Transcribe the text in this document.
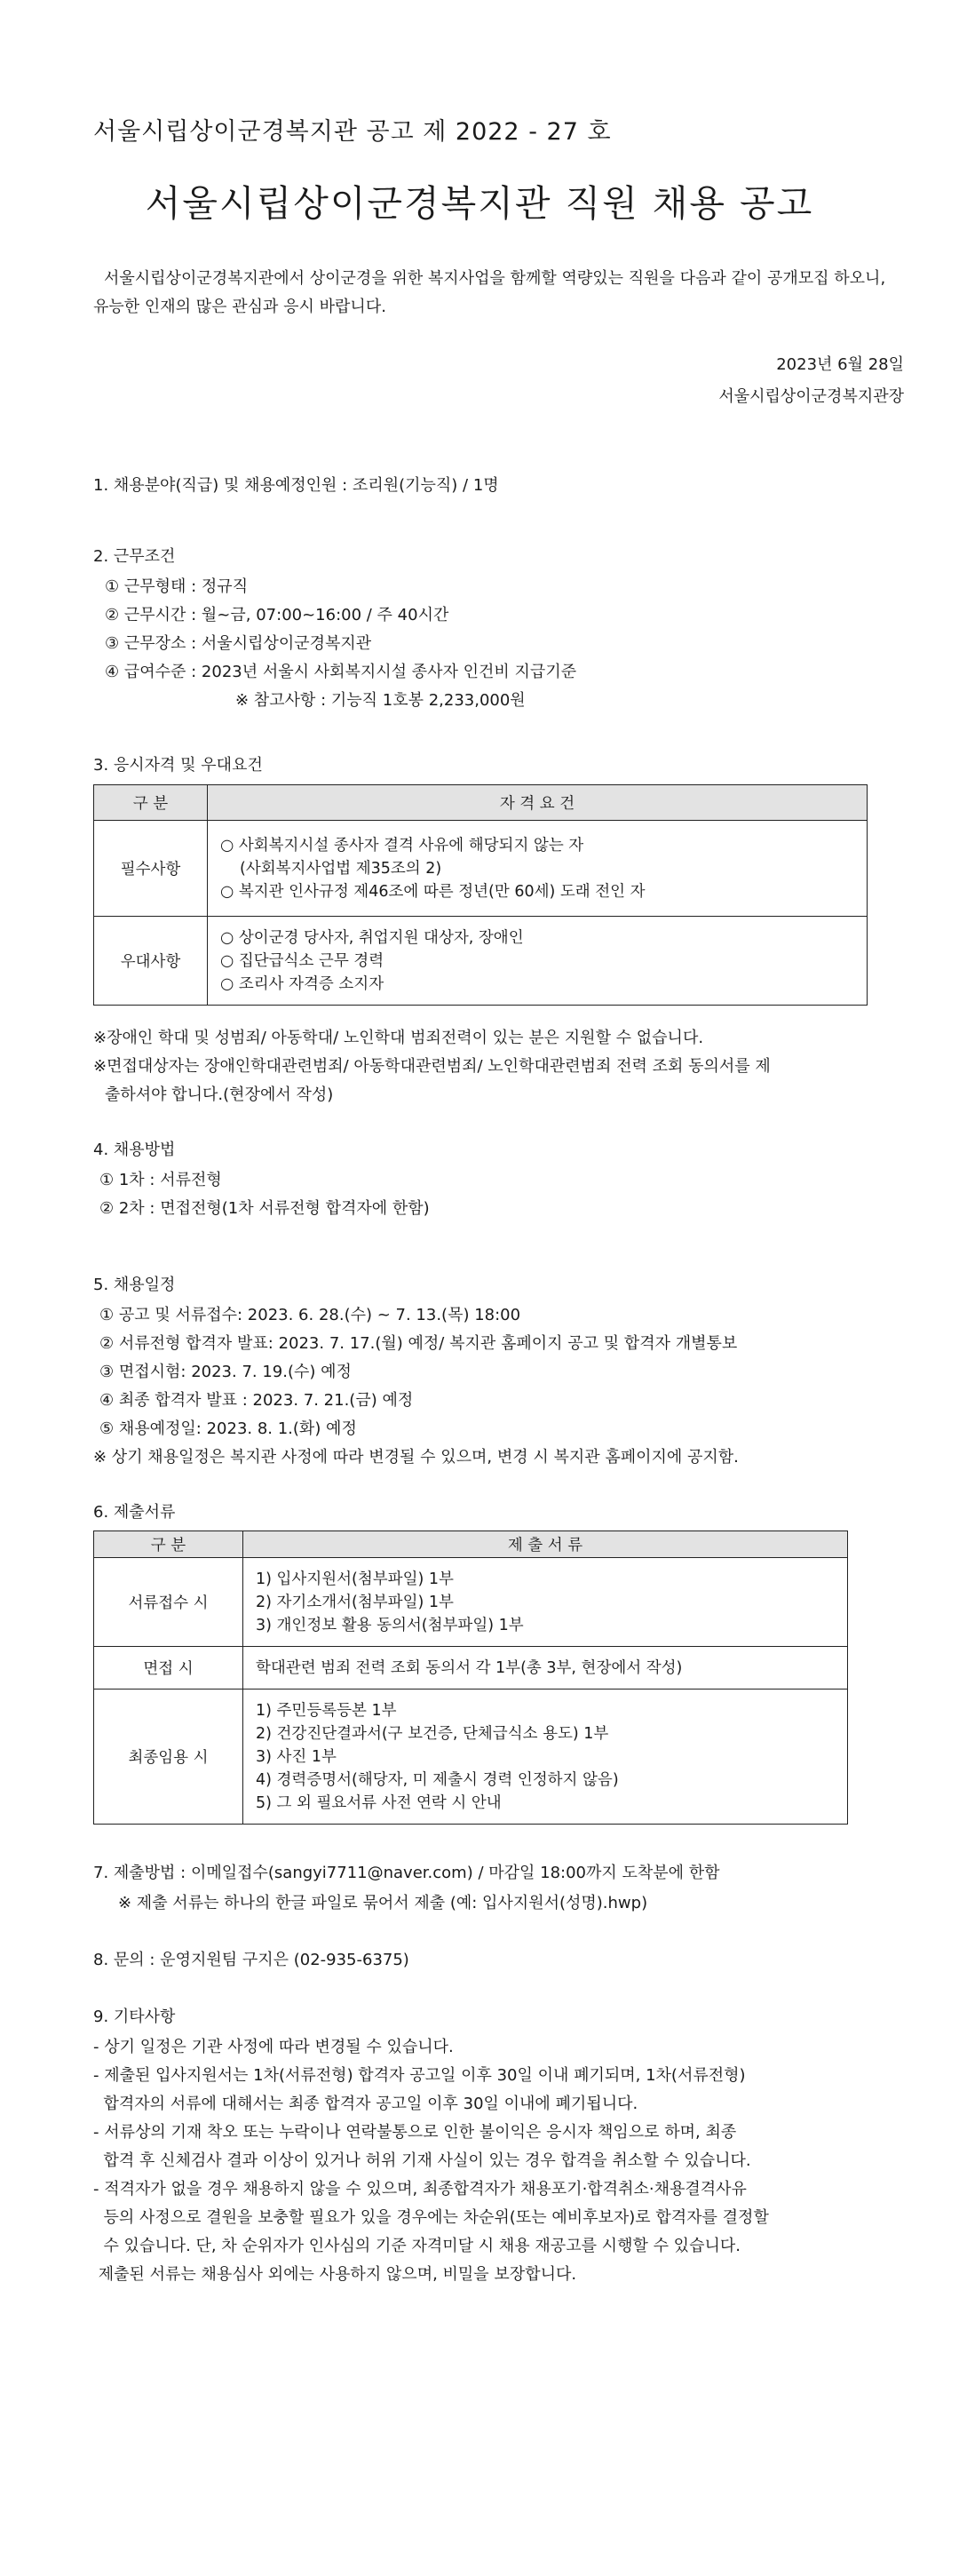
서울시립상이군경복지관 공고 제 2022 - 27 호
서울시립상이군경복지관 직원 채용 공고
서울시립상이군경복지관에서 상이군경을 위한 복지사업을 함께할 역량있는 직원을 다음과 같이 공개모집 하오니, 유능한 인재의 많은 관심과 응시 바랍니다.
2023년 6월 28일
서울시립상이군경복지관장
1. 채용분야(직급) 및 채용예정인원 : 조리원(기능직) / 1명
2. 근무조건
① 근무형태 : 정규직
② 근무시간 : 월~금, 07:00~16:00 / 주 40시간
③ 근무장소 : 서울시립상이군경복지관
④ 급여수준 : 2023년 서울시 사회복지시설 종사자 인건비 지급기준
※ 참고사항 : 기능직 1호봉 2,233,000원
3. 응시자격 및 우대요건
구 분	자 격 요 건
필수사항	○ 사회복지시설 종사자 결격 사유에 해당되지 않는 자
(사회복지사업법 제35조의 2)
○ 복지관 인사규정 제46조에 따른 정년(만 60세) 도래 전인 자

우대사항	○ 상이군경 당사자, 취업지원 대상자, 장애인
○ 집단급식소 근무 경력
○ 조리사 자격증 소지자
※장애인 학대 및 성범죄/ 아동학대/ 노인학대 범죄전력이 있는 분은 지원할 수 없습니다.
※면접대상자는 장애인학대관련범죄/ 아동학대관련범죄/ 노인학대관련범죄 전력 조회 동의서를 제
출하셔야 합니다.(현장에서 작성)
4. 채용방법
① 1차 : 서류전형
② 2차 : 면접전형(1차 서류전형 합격자에 한함)
5. 채용일정
① 공고 및 서류접수: 2023. 6. 28.(수) ~ 7. 13.(목) 18:00
② 서류전형 합격자 발표: 2023. 7. 17.(월) 예정/ 복지관 홈페이지 공고 및 합격자 개별통보
③ 면접시험: 2023. 7. 19.(수) 예정
④ 최종 합격자 발표 : 2023. 7. 21.(금) 예정
⑤ 채용예정일: 2023. 8. 1.(화) 예정
※ 상기 채용일정은 복지관 사정에 따라 변경될 수 있으며, 변경 시 복지관 홈페이지에 공지함.
6. 제출서류
구 분	제 출 서 류
서류접수 시	1) 입사지원서(첨부파일) 1부
2) 자기소개서(첨부파일) 1부
3) 개인정보 활용 동의서(첨부파일) 1부

면접 시	학대관련 범죄 전력 조회 동의서 각 1부(총 3부, 현장에서 작성)

최종임용 시	1) 주민등록등본 1부
2) 건강진단결과서(구 보건증, 단체급식소 용도) 1부
3) 사진 1부
4) 경력증명서(해당자, 미 제출시 경력 인정하지 않음)
5) 그 외 필요서류 사전 연락 시 안내
7. 제출방법 : 이메일접수(sangyi7711@naver.com) / 마감일 18:00까지 도착분에 한함
※ 제출 서류는 하나의 한글 파일로 묶어서 제출 (예: 입사지원서(성명).hwp)
8. 문의 : 운영지원팀 구지은 (02-935-6375)
9. 기타사항
- 상기 일정은 기관 사정에 따라 변경될 수 있습니다.
- 제출된 입사지원서는 1차(서류전형) 합격자 공고일 이후 30일 이내 폐기되며, 1차(서류전형)
합격자의 서류에 대해서는 최종 합격자 공고일 이후 30일 이내에 폐기됩니다.
- 서류상의 기재 착오 또는 누락이나 연락불통으로 인한 불이익은 응시자 책임으로 하며, 최종
합격 후 신체검사 결과 이상이 있거나 허위 기재 사실이 있는 경우 합격을 취소할 수 있습니다.
- 적격자가 없을 경우 채용하지 않을 수 있으며, 최종합격자가 채용포기·합격취소·채용결격사유
등의 사정으로 결원을 보충할 필요가 있을 경우에는 차순위(또는 예비후보자)로 합격자를 결정할
수 있습니다. 단, 차 순위자가 인사심의 기준 자격미달 시 채용 재공고를 시행할 수 있습니다.
제출된 서류는 채용심사 외에는 사용하지 않으며, 비밀을 보장합니다.
